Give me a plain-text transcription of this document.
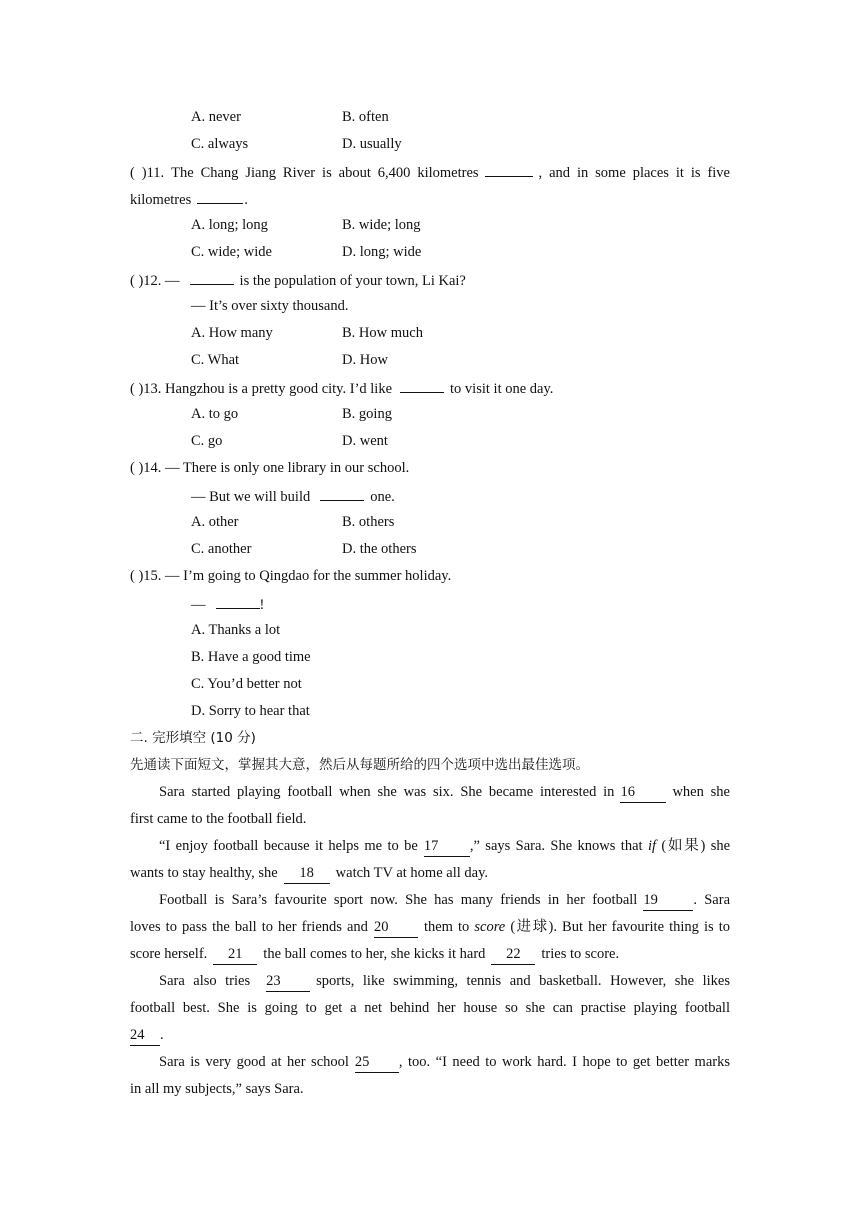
A. never	B. often
C. always	D. usually
( )11. The Chang Jiang River is about 6,400 kilometres	, and in some places it is five
kilometres	.
A. long; long	B. wide; long
C. wide; wide	D. long; wide
( )12. —	is the population of your town, Li Kai?
— It’s over sixty thousand.
A. How many	B. How much
C. What	D. How
( )13. Hangzhou is a pretty good city. I’d like	to visit it one day.
A. to go	B. going
C. go	D. went
( )14. — There is only one library in our school.
— But we will build	one.
A. other	B. others
C. another	D. the others
( )15. — I’m going to Qingdao for the summer holiday.
—	!
A. Thanks a lot
B. Have a good time
C. You’d better not
D. Sorry to hear that
二. 完形填空 (10 分)
先通读下面短文，掌握其大意，然后从每题所给的四个选项中选出最佳选项。
Sara started playing football when she was six. She became interested in 16	when she
first came to the football field.
“I enjoy football because it helps me to be 17 ,” says Sara. She knows that if (如果) she
wants to stay healthy, she 18 watch TV at home all day.
Football is Sara’s favourite sport now. She has many friends in her football 19 . Sara
loves to pass the ball to her friends and 20 them to score (进球). But her favourite thing is to
score herself. 21 the ball comes to her, she kicks it hard 22 tries to score.
Sara also tries 23 sports, like swimming, tennis and basketball. However, she likes
football best. She is going to get a net behind her house so she can practise playing football
24 .
Sara is very good at her school 25 , too. “I need to work hard. I hope to get better marks
in all my subjects,” says Sara.
